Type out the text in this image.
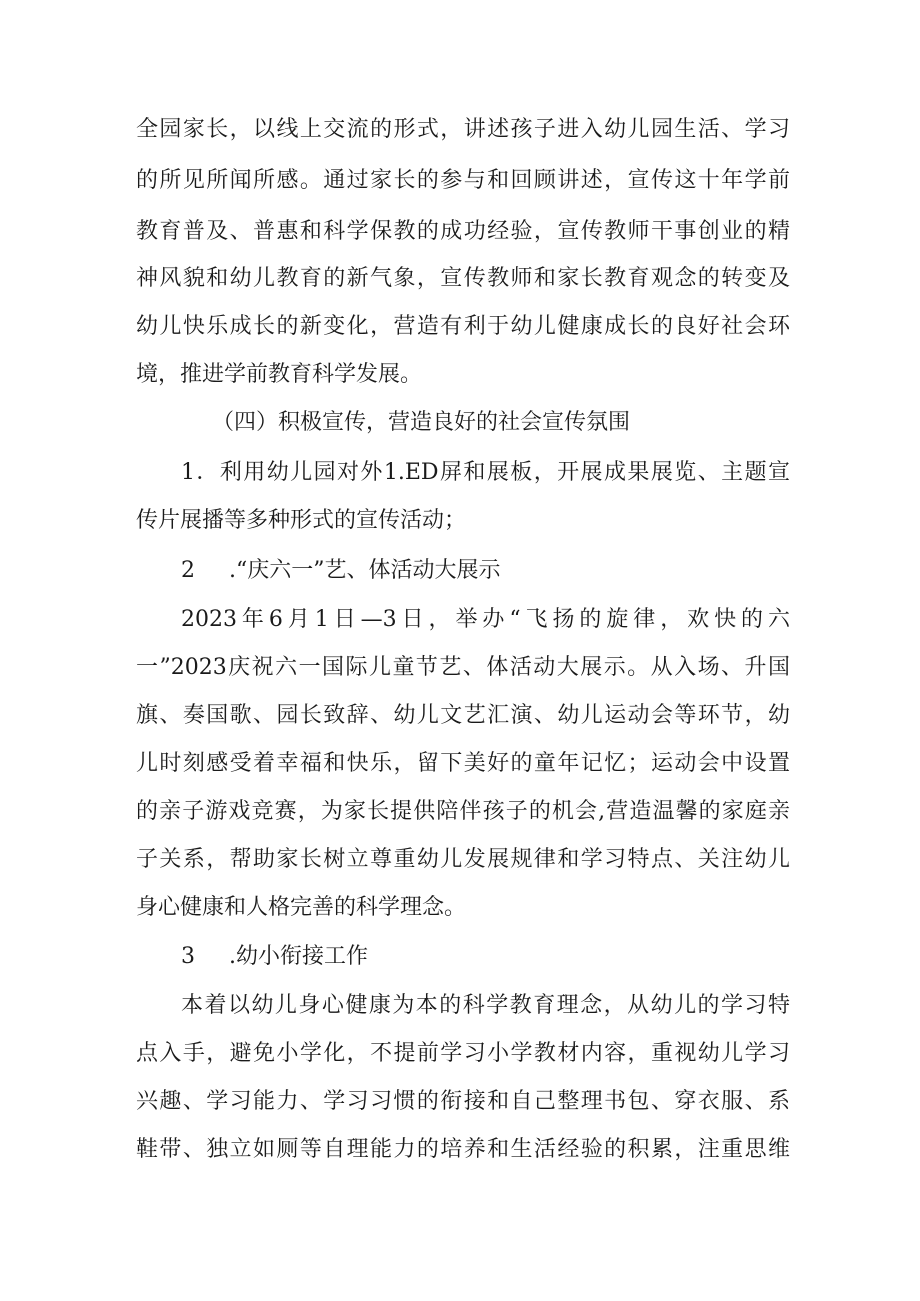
全园家长，以线上交流的形式，讲述孩子进入幼儿园生活、学习
的所见所闻所感。通过家长的参与和回顾讲述，宣传这十年学前
教育普及、普惠和科学保教的成功经验，宣传教师干事创业的精
神风貌和幼儿教育的新气象，宣传教师和家长教育观念的转变及
幼儿快乐成长的新变化，营造有利于幼儿健康成长的良好社会环
境，推进学前教育科学发展。
（四）积极宣传，营造良好的社会宣传氛围
1．利用幼儿园对外1.ED屏和展板，开展成果展览、主题宣
传片展播等多种形式的宣传活动；
2 .“庆六一”艺、体活动大展示
2023年6月1日—3日，举办“飞扬的旋律，欢快的六
一”2023庆祝六一国际儿童节艺、体活动大展示。从入场、升国
旗、奏国歌、园长致辞、幼儿文艺汇演、幼儿运动会等环节，幼
儿时刻感受着幸福和快乐，留下美好的童年记忆；运动会中设置
的亲子游戏竞赛，为家长提供陪伴孩子的机会,营造温馨的家庭亲
子关系，帮助家长树立尊重幼儿发展规律和学习特点、关注幼儿
身心健康和人格完善的科学理念。
3 .幼小衔接工作
本着以幼儿身心健康为本的科学教育理念，从幼儿的学习特
点入手，避免小学化，不提前学习小学教材内容，重视幼儿学习
兴趣、学习能力、学习习惯的衔接和自己整理书包、穿衣服、系
鞋带、独立如厕等自理能力的培养和生活经验的积累，注重思维
